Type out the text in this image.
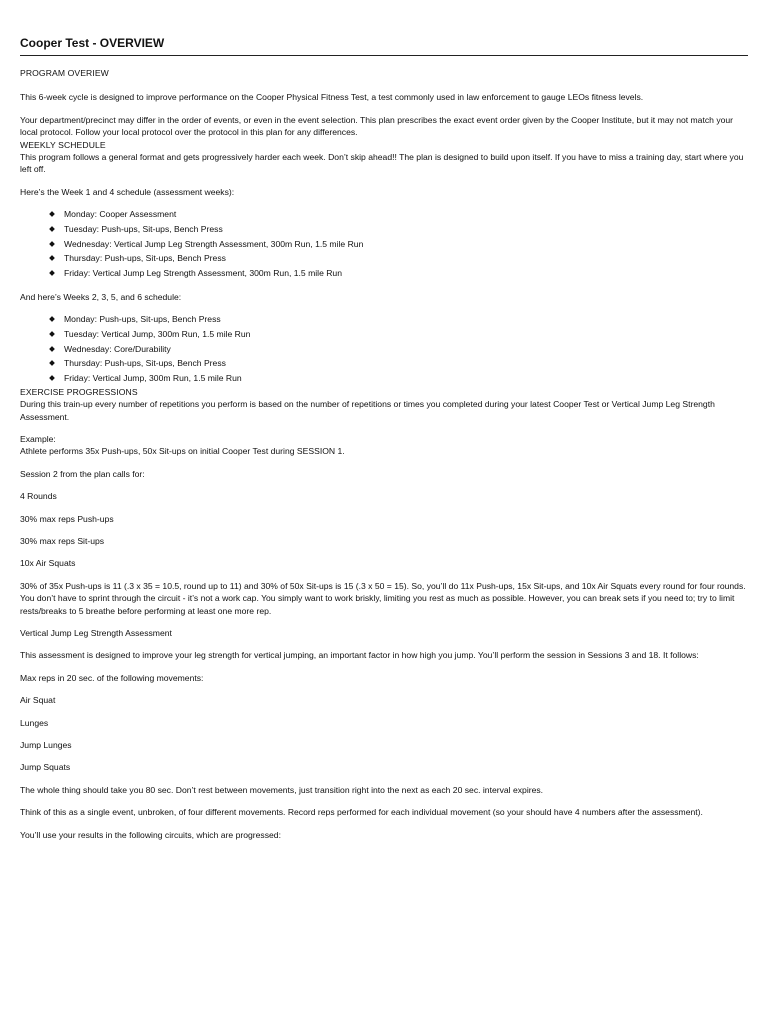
Cooper Test - OVERVIEW

PROGRAM OVERIEW

This 6-week cycle is designed to improve performance on the Cooper Physical Fitness Test, a test commonly used in law enforcement to gauge LEOs fitness levels.

Your department/precinct may differ in the order of events, or even in the event selection. This plan prescribes the exact event order given by the Cooper Institute, but it may not match your local protocol. Follow your local protocol over the protocol in this plan for any differences.

WEEKLY SCHEDULE

This program follows a general format and gets progressively harder each week. Don’t skip ahead!! The plan is designed to build upon itself. If you have to miss a training day, start where you left off.

Here’s the Week 1 and 4 schedule (assessment weeks):

Monday: Cooper Assessment
Tuesday: Push-ups, Sit-ups, Bench Press
Wednesday: Vertical Jump Leg Strength Assessment, 300m Run, 1.5 mile Run
Thursday: Push-ups, Sit-ups, Bench Press
Friday: Vertical Jump Leg Strength Assessment, 300m Run, 1.5 mile Run

And here’s Weeks 2, 3, 5, and 6 schedule:

Monday: Push-ups, Sit-ups, Bench Press
Tuesday: Vertical Jump, 300m Run, 1.5 mile Run
Wednesday: Core/Durability
Thursday: Push-ups, Sit-ups, Bench Press
Friday: Vertical Jump, 300m Run, 1.5 mile Run

EXERCISE PROGRESSIONS

During this train-up every number of repetitions you perform is based on the number of repetitions or times you completed during your latest Cooper Test or Vertical Jump Leg Strength Assessment.

Example:

Athlete performs 35x Push-ups, 50x Sit-ups on initial Cooper Test during SESSION 1.

Session 2 from the plan calls for:

4 Rounds

30% max reps Push-ups

30% max reps Sit-ups

10x Air Squats

30% of 35x Push-ups is 11 (.3 x 35 = 10.5, round up to 11) and 30% of 50x Sit-ups is 15 (.3 x 50 = 15). So, you’ll do 11x Push-ups, 15x Sit-ups, and 10x Air Squats every round for four rounds. You don’t have to sprint through the circuit - it’s not a work cap. You simply want to work briskly, limiting you rest as much as possible. However, you can break sets if you need to; try to limit rests/breaks to 5 breathe before performing at least one more rep.

Vertical Jump Leg Strength Assessment

This assessment is designed to improve your leg strength for vertical jumping, an important factor in how high you jump. You’ll perform the session in Sessions 3 and 18. It follows:

Max reps in 20 sec. of the following movements:

Air Squat

Lunges

Jump Lunges

Jump Squats

The whole thing should take you 80 sec. Don’t rest between movements, just transition right into the next as each 20 sec. interval expires.

Think of this as a single event, unbroken, of four different movements. Record reps performed for each individual movement (so your should have 4 numbers after the assessment).

You’ll use your results in the following circuits, which are progressed:
